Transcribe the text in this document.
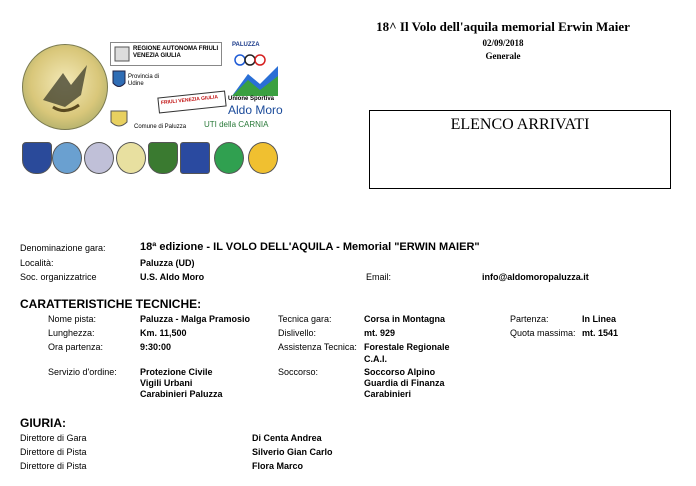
REGIONE AUTONOMA FRIULI VENEZIA GIULIA
PALUZZA
Provincia di Udine
FRIULI VENEZIA GIULIA Unione Sportiva
Aldo Moro
Comune di Paluzza UTI della CARNIA
18^ Il Volo dell'aquila memorial Erwin Maier
02/09/2018
Generale
ELENCO ARRIVATI
Denominazione gara:	18ª edizione - IL VOLO DELL'AQUILA - Memorial "ERWIN MAIER"
Località:	Paluzza (UD)
Soc. organizzatrice	U.S. Aldo Moro	Email:	info@aldomoropaluzza.it
CARATTERISTICHE TECNICHE:
Nome pista:	Paluzza - Malga Pramosio	Tecnica gara:	Corsa in Montagna	Partenza:	In Linea
Lunghezza:	Km. 11,500	Dislivello:	mt. 929	Quota massima: mt. 1541
Ora partenza:	9:30:00	Assistenza Tecnica: Forestale Regionale
C.A.I.
Servizio d'ordine:	Protezione Civile
Vigili Urbani
Carabinieri Paluzza
Soccorso:	Soccorso Alpino
Guardia di Finanza
Carabinieri
GIURIA:
Direttore di Gara	Di Centa Andrea
Direttore di Pista	Silverio Gian Carlo
Direttore di Pista	Flora Marco
